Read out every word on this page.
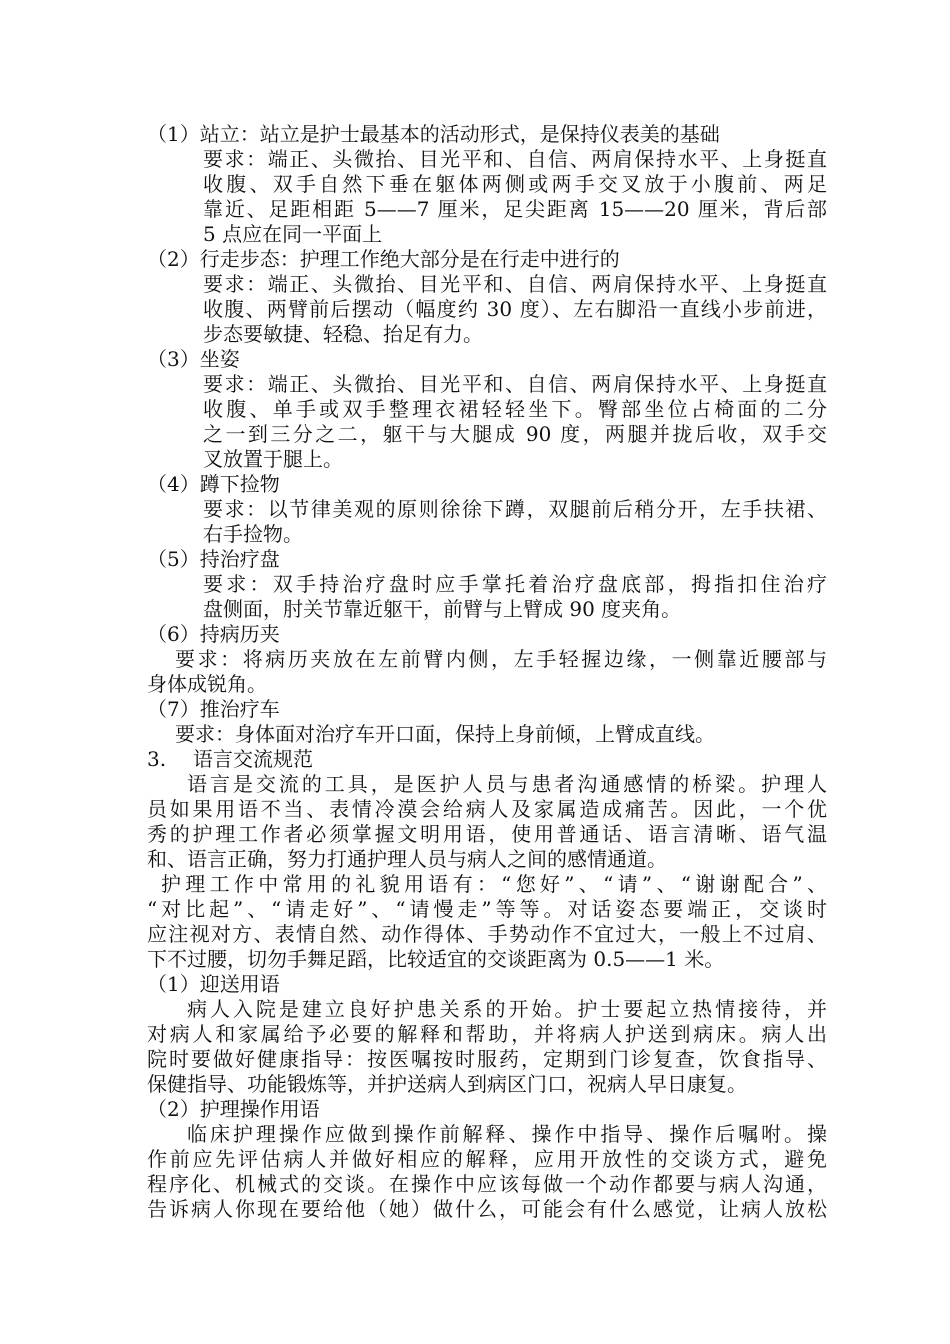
（1）站立：站立是护士最基本的活动形式，是保持仪表美的基础
要求：端正、头微抬、目光平和、自信、两肩保持水平、上身挺直
收腹、双手自然下垂在躯体两侧或两手交叉放于小腹前、两足
靠近、足距相距 5——7 厘米，足尖距离 15——20 厘米，背后部
5 点应在同一平面上
（2）行走步态：护理工作绝大部分是在行走中进行的
要求：端正、头微抬、目光平和、自信、两肩保持水平、上身挺直
收腹、两臂前后摆动（幅度约 30 度）、左右脚沿一直线小步前进，
步态要敏捷、轻稳、抬足有力。
（3）坐姿
要求：端正、头微抬、目光平和、自信、两肩保持水平、上身挺直
收腹、单手或双手整理衣裙轻轻坐下。臀部坐位占椅面的二分
之一到三分之二，躯干与大腿成 90 度，两腿并拢后收，双手交
叉放置于腿上。
（4）蹲下捡物
要求：以节律美观的原则徐徐下蹲，双腿前后稍分开，左手扶裙、
右手捡物。
（5）持治疗盘
要求：双手持治疗盘时应手掌托着治疗盘底部，拇指扣住治疗
盘侧面，肘关节靠近躯干，前臂与上臂成 90 度夹角。
（6）持病历夹
要求：将病历夹放在左前臂内侧，左手轻握边缘，一侧靠近腰部与
身体成锐角。
（7）推治疗车
要求：身体面对治疗车开口面，保持上身前倾，上臂成直线。
3. 语言交流规范
语言是交流的工具，是医护人员与患者沟通感情的桥梁。护理人
员如果用语不当、表情冷漠会给病人及家属造成痛苦。因此，一个优
秀的护理工作者必须掌握文明用语，使用普通话、语言清晰、语气温
和、语言正确，努力打通护理人员与病人之间的感情通道。
护理工作中常用的礼貌用语有：“您好”、“请”、“谢谢配合”、
“对比起”、“请走好”、“请慢走”等等。对话姿态要端正，交谈时
应注视对方、表情自然、动作得体、手势动作不宜过大，一般上不过肩、
下不过腰，切勿手舞足蹈，比较适宜的交谈距离为 0.5——1 米。
（1）迎送用语
病人入院是建立良好护患关系的开始。护士要起立热情接待，并
对病人和家属给予必要的解释和帮助，并将病人护送到病床。病人出
院时要做好健康指导：按医嘱按时服药，定期到门诊复查，饮食指导、
保健指导、功能锻炼等，并护送病人到病区门口，祝病人早日康复。
（2）护理操作用语
临床护理操作应做到操作前解释、操作中指导、操作后嘱咐。操
作前应先评估病人并做好相应的解释，应用开放性的交谈方式，避免
程序化、机械式的交谈。在操作中应该每做一个动作都要与病人沟通，
告诉病人你现在要给他（她）做什么，可能会有什么感觉，让病人放松
